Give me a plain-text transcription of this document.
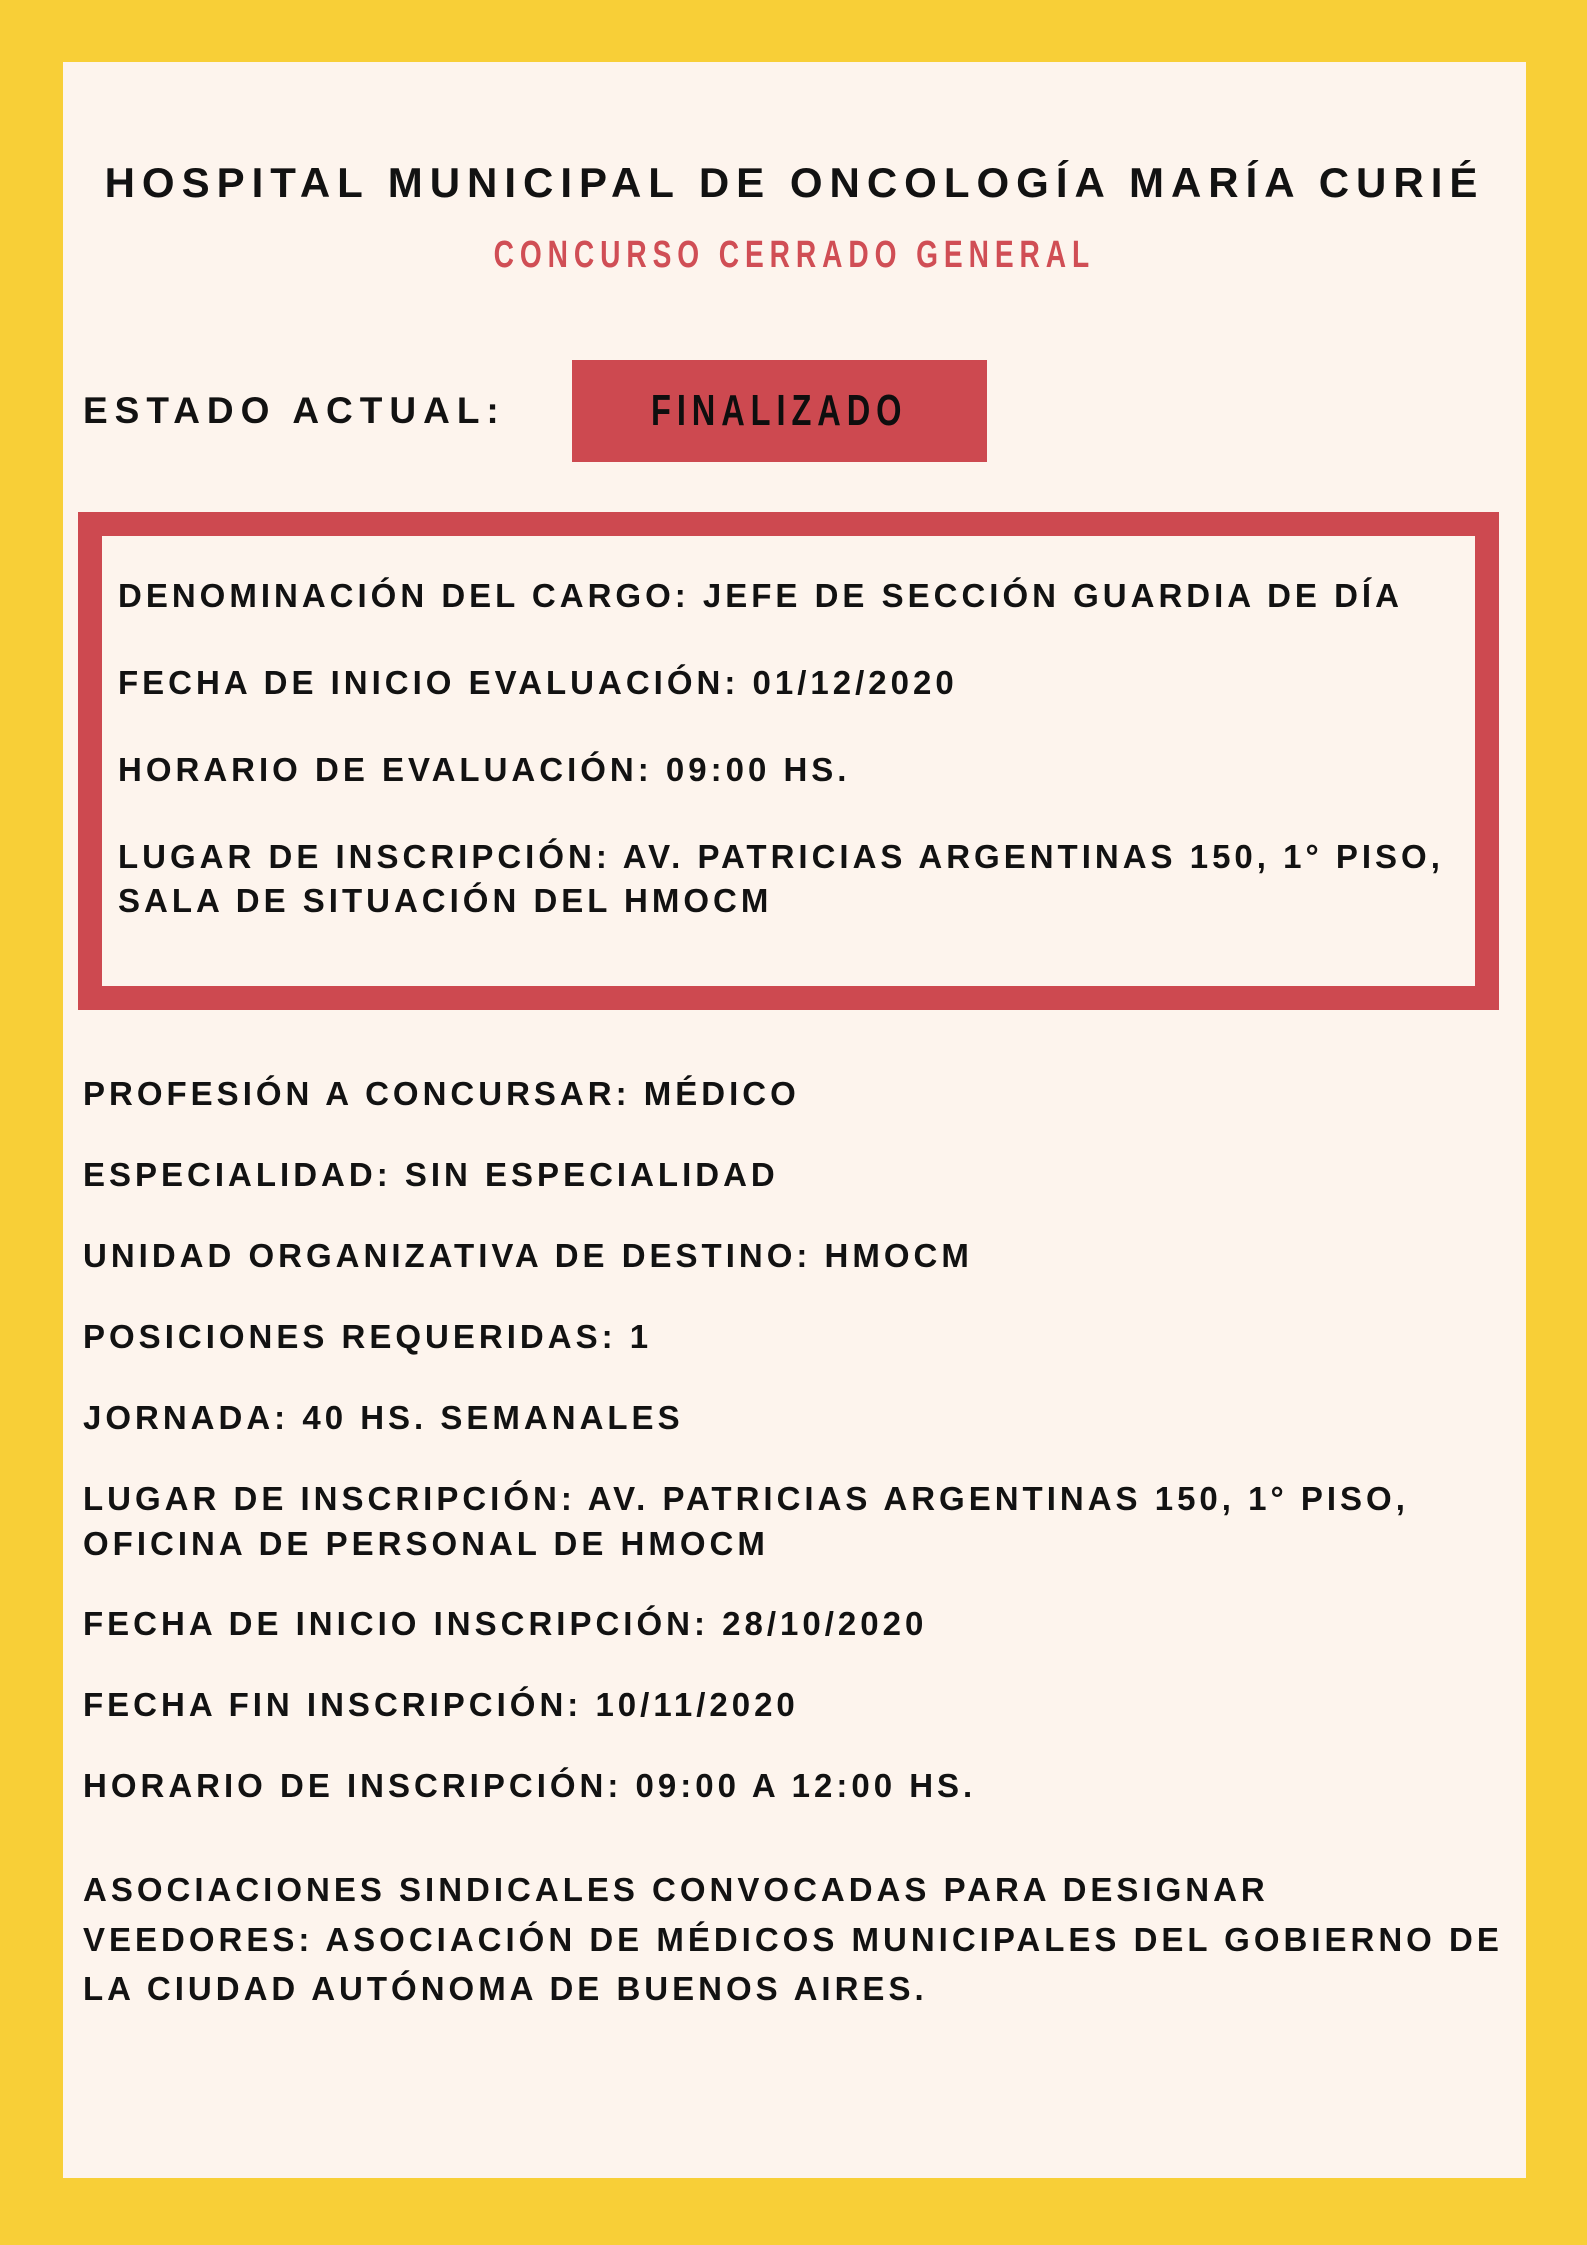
HOSPITAL MUNICIPAL DE ONCOLOGÍA MARÍA CURIÉ
CONCURSO CERRADO GENERAL
ESTADO ACTUAL:	FINALIZADO

DENOMINACIÓN DEL CARGO: JEFE DE SECCIÓN GUARDIA DE DÍA

FECHA DE INICIO EVALUACIÓN: 01/12/2020

HORARIO DE EVALUACIÓN: 09:00 HS.

LUGAR DE INSCRIPCIÓN: AV. PATRICIAS ARGENTINAS 150, 1° PISO, SALA DE SITUACIÓN DEL HMOCM

PROFESIÓN A CONCURSAR: MÉDICO

ESPECIALIDAD: SIN ESPECIALIDAD

UNIDAD ORGANIZATIVA DE DESTINO: HMOCM

POSICIONES REQUERIDAS: 1

JORNADA: 40 HS. SEMANALES

LUGAR DE INSCRIPCIÓN: AV. PATRICIAS ARGENTINAS 150, 1° PISO, OFICINA DE PERSONAL DE HMOCM

FECHA DE INICIO INSCRIPCIÓN: 28/10/2020

FECHA FIN INSCRIPCIÓN: 10/11/2020

HORARIO DE INSCRIPCIÓN: 09:00 A 12:00 HS.

ASOCIACIONES SINDICALES CONVOCADAS PARA DESIGNAR VEEDORES: ASOCIACIÓN DE MÉDICOS MUNICIPALES DEL GOBIERNO DE LA CIUDAD AUTÓNOMA DE BUENOS AIRES.
